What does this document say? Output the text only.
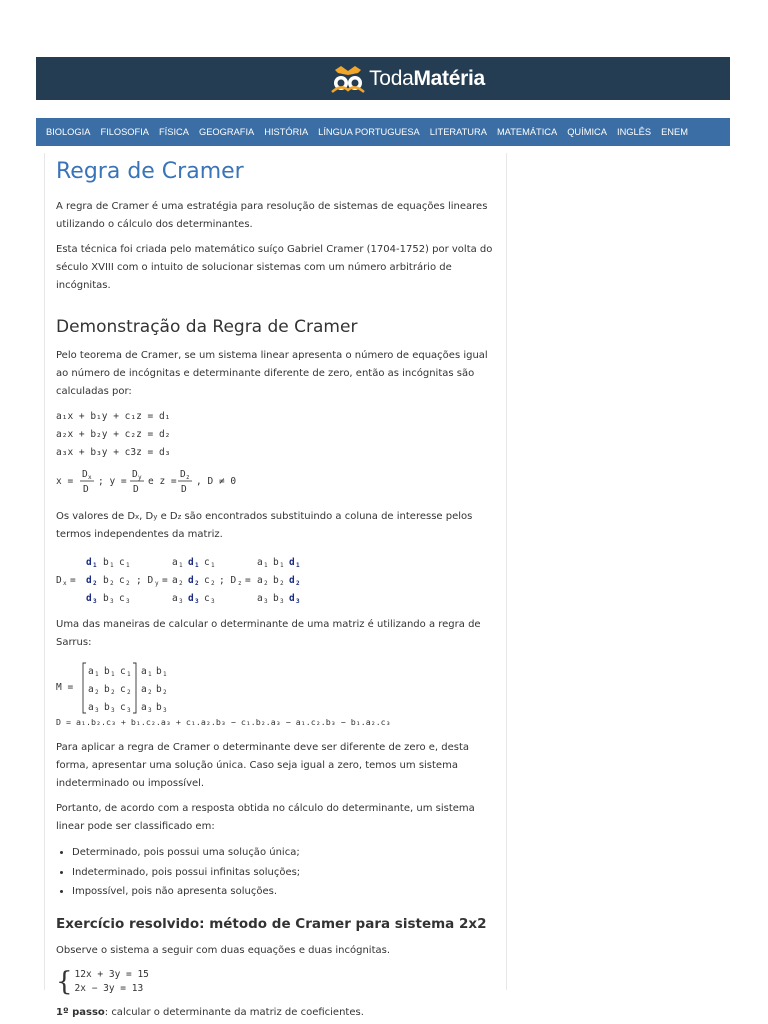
TodaMatéria
BIOLOGIA FILOSOFIA FÍSICA GEOGRAFIA HISTÓRIA LÍNGUA PORTUGUESA LITERATURA MATEMÁTICA QUÍMICA INGLÊS ENEM
Regra de Cramer

A regra de Cramer é uma estratégia para resolução de sistemas de equações lineares utilizando o cálculo dos determinantes.

Esta técnica foi criada pelo matemático suíço Gabriel Cramer (1704-1752) por volta do século XVIII com o intuito de solucionar sistemas com um número arbitrário de incógnitas.

Demonstração da Regra de Cramer

Pelo teorema de Cramer, se um sistema linear apresenta o número de equações igual ao número de incógnitas e determinante diferente de zero, então as incógnitas são calculadas por:

a₁x + b₁y + c₁z = d₁
a₂x + b₂y + c₂z = d₂
a₃x + b₃y + c3z = d₃
x =
D x
D
; y =
D y
D
e z =
D z
D
, D ≠ 0

Os valores de Dx, Dy e Dz são encontrados substituindo a coluna de interesse pelos termos independentes da matriz.

D x =
d 1 b 1 c 1
d 2 b 2 c 2
d 3 b 3 c 3
; D y =
a 1 d 1 c 1
a 2 d 2 c 2
a 3 d 3 c 3
; D z =
a 1 b 1 d 1
a 2 b 2 d 2
a 3 b 3 d 3

Uma das maneiras de calcular o determinante de uma matriz é utilizando a regra de Sarrus:

M =
a 1 b 1 c 1
a 2 b 2 c 2
a 3 b 3 c 3
a 1 b 1
a 2 b 2
a 3 b 3
D = a₁.b₂.c₃ + b₁.c₂.a₃ + c₁.a₂.b₃ − c₁.b₂.a₃ − a₁.c₂.b₃ − b₁.a₂.c₃

Para aplicar a regra de Cramer o determinante deve ser diferente de zero e, desta forma, apresentar uma solução única. Caso seja igual a zero, temos um sistema indeterminado ou impossível.

Portanto, de acordo com a resposta obtida no cálculo do determinante, um sistema linear pode ser classificado em:

• Determinado, pois possui uma solução única;
• Indeterminado, pois possui infinitas soluções;
• Impossível, pois não apresenta soluções.
Exercício resolvido: método de Cramer para sistema 2x2

Observe o sistema a seguir com duas equações e duas incógnitas.

{ 12x + 3y = 15
2x − 3y = 13

1º passo: calcular o determinante da matriz de coeficientes.
